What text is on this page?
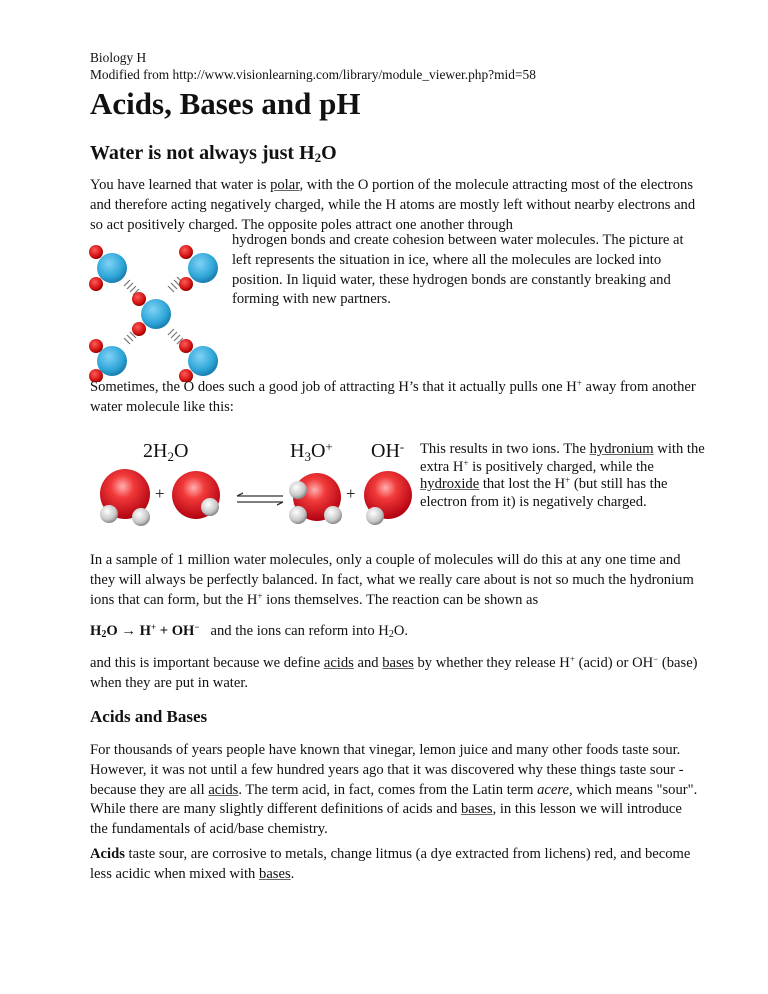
Biology H
Modified from http://www.visionlearning.com/library/module_viewer.php?mid=58
Acids, Bases and pH
Water is not always just $H_2O$

You have learned that water is polar, with the O portion of the molecule attracting most of the electrons and therefore acting negatively charged, while the H atoms are mostly left without nearby electrons and so act positively charged. The opposite poles attract one another through

hydrogen bonds and create cohesion between water molecules. The picture at left represents the situation in ice, where all the molecules are locked into position. In liquid water, these hydrogen bonds are constantly breaking and forming with new partners.

Sometimes, the O does such a good job of attracting H’s that it actually pulls one H+ away from another water molecule like this:

$2H_2O$
+
$H_3O^+$ OH-
+

This results in two ions. The hydronium with the extra H+ is positively charged, while the hydroxide that lost the H+ (but still has the electron from it) is negatively charged.

In a sample of 1 million water molecules, only a couple of molecules will do this at any one time and they will always be perfectly balanced. In fact, what we really care about is not so much the hydronium ions that can form, but the H+ ions themselves. The reaction can be shown as

$H_2O \to H^+ + OH^-$   and the ions can reform into $H_2O$.

and this is important because we define acids and bases by whether they release H+ (acid) or OH− (base) when they are put in water.

Acids and Bases

For thousands of years people have known that vinegar, lemon juice and many other foods taste sour. However, it was not until a few hundred years ago that it was discovered why these things taste sour - because they are all acids. The term acid, in fact, comes from the Latin term acere, which means "sour". While there are many slightly different definitions of acids and bases, in this lesson we will introduce the fundamentals of acid/base chemistry.

Acids taste sour, are corrosive to metals, change litmus (a dye extracted from lichens) red, and become less acidic when mixed with bases.
